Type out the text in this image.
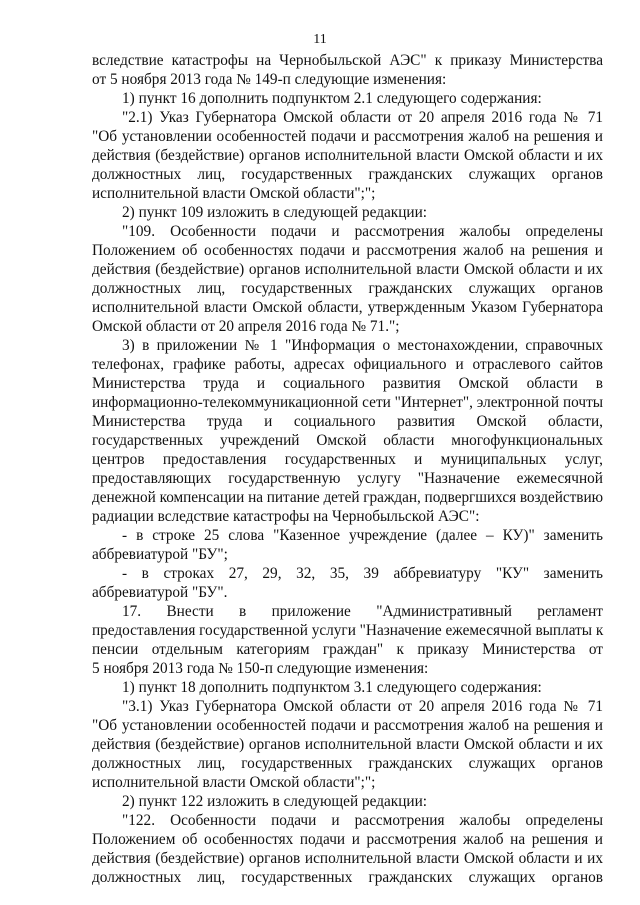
11
вследствие катастрофы на Чернобыльской АЭС" к приказу Министерства
от 5 ноября 2013 года № 149-п следующие изменения:
1) пункт 16 дополнить подпунктом 2.1 следующего содержания:
"2.1) Указ Губернатора Омской области от 20 апреля 2016 года № 71
"Об установлении особенностей подачи и рассмотрения жалоб на решения и
действия (бездействие) органов исполнительной власти Омской области и их
должностных лиц, государственных гражданских служащих органов
исполнительной власти Омской области";";
2) пункт 109 изложить в следующей редакции:
"109. Особенности подачи и рассмотрения жалобы определены
Положением об особенностях подачи и рассмотрения жалоб на решения и
действия (бездействие) органов исполнительной власти Омской области и их
должностных лиц, государственных гражданских служащих органов
исполнительной власти Омской области, утвержденным Указом Губернатора
Омской области от 20 апреля 2016 года № 71.";
3) в приложении № 1 "Информация о местонахождении, справочных
телефонах, графике работы, адресах официального и отраслевого сайтов
Министерства труда и социального развития Омской области в
информационно-телекоммуникационной сети "Интернет", электронной почты
Министерства труда и социального развития Омской области,
государственных учреждений Омской области многофункциональных
центров предоставления государственных и муниципальных услуг,
предоставляющих государственную услугу "Назначение ежемесячной
денежной компенсации на питание детей граждан, подвергшихся воздействию
радиации вследствие катастрофы на Чернобыльской АЭС":
- в строке 25 слова "Казенное учреждение (далее – КУ)" заменить
аббревиатурой "БУ";
- в строках 27, 29, 32, 35, 39 аббревиатуру "КУ" заменить
аббревиатурой "БУ".
17. Внести в приложение "Административный регламент
предоставления государственной услуги "Назначение ежемесячной выплаты к
пенсии отдельным категориям граждан" к приказу Министерства от
5 ноября 2013 года № 150-п следующие изменения:
1) пункт 18 дополнить подпунктом 3.1 следующего содержания:
"3.1) Указ Губернатора Омской области от 20 апреля 2016 года № 71
"Об установлении особенностей подачи и рассмотрения жалоб на решения и
действия (бездействие) органов исполнительной власти Омской области и их
должностных лиц, государственных гражданских служащих органов
исполнительной власти Омской области";";
2) пункт 122 изложить в следующей редакции:
"122. Особенности подачи и рассмотрения жалобы определены
Положением об особенностях подачи и рассмотрения жалоб на решения и
действия (бездействие) органов исполнительной власти Омской области и их
должностных лиц, государственных гражданских служащих органов
